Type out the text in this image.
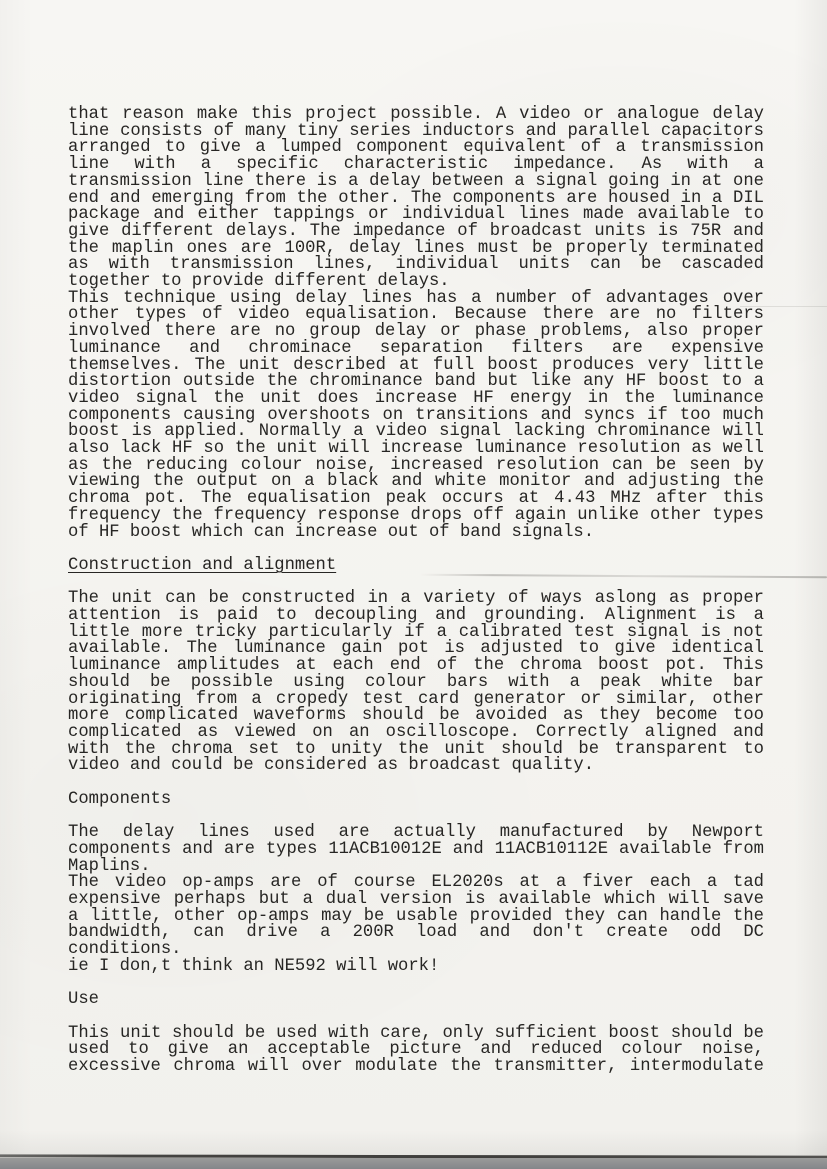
that reason make this project possible. A video or analogue delay
line consists of many tiny series inductors and parallel capacitors
arranged to give a lumped component equivalent of a transmission
line with a specific characteristic impedance. As with a
transmission line there is a delay between a signal going in at one
end and emerging from the other. The components are housed in a DIL
package and either tappings or individual lines made available to
give different delays. The impedance of broadcast units is 75R and
the maplin ones are 100R, delay lines must be properly terminated
as with transmission lines, individual units can be cascaded
together to provide different delays.
This technique using delay lines has a number of advantages over
other types of video equalisation. Because there are no filters
involved there are no group delay or phase problems, also proper
luminance and chrominace separation filters are expensive
themselves. The unit described at full boost produces very little
distortion outside the chrominance band but like any HF boost to a
video signal the unit does increase HF energy in the luminance
components causing overshoots on transitions and syncs if too much
boost is applied. Normally a video signal lacking chrominance will
also lack HF so the unit will increase luminance resolution as well
as the reducing colour noise, increased resolution can be seen by
viewing the output on a black and white monitor and adjusting the
chroma pot. The equalisation peak occurs at 4.43 MHz after this
frequency the frequency response drops off again unlike other types
of HF boost which can increase out of band signals.
Construction and alignment
The unit can be constructed in a variety of ways aslong as proper
attention is paid to decoupling and grounding. Alignment is a
little more tricky particularly if a calibrated test signal is not
available. The luminance gain pot is adjusted to give identical
luminance amplitudes at each end of the chroma boost pot. This
should be possible using colour bars with a peak white bar
originating from a cropedy test card generator or similar, other
more complicated waveforms should be avoided as they become too
complicated as viewed on an oscilloscope. Correctly aligned and
with the chroma set to unity the unit should be transparent to
video and could be considered as broadcast quality.
Components
The delay lines used are actually manufactured by Newport
components and are types 11ACB10012E and 11ACB10112E available from
Maplins.
The video op-amps are of course EL2020s at a fiver each a tad
expensive perhaps but a dual version is available which will save
a little, other op-amps may be usable provided they can handle the
bandwidth, can drive a 200R load and don't create odd DC
conditions.
ie I don,t think an NE592 will work!
Use
This unit should be used with care, only sufficient boost should be
used to give an acceptable picture and reduced colour noise,
excessive chroma will over modulate the transmitter, intermodulate
